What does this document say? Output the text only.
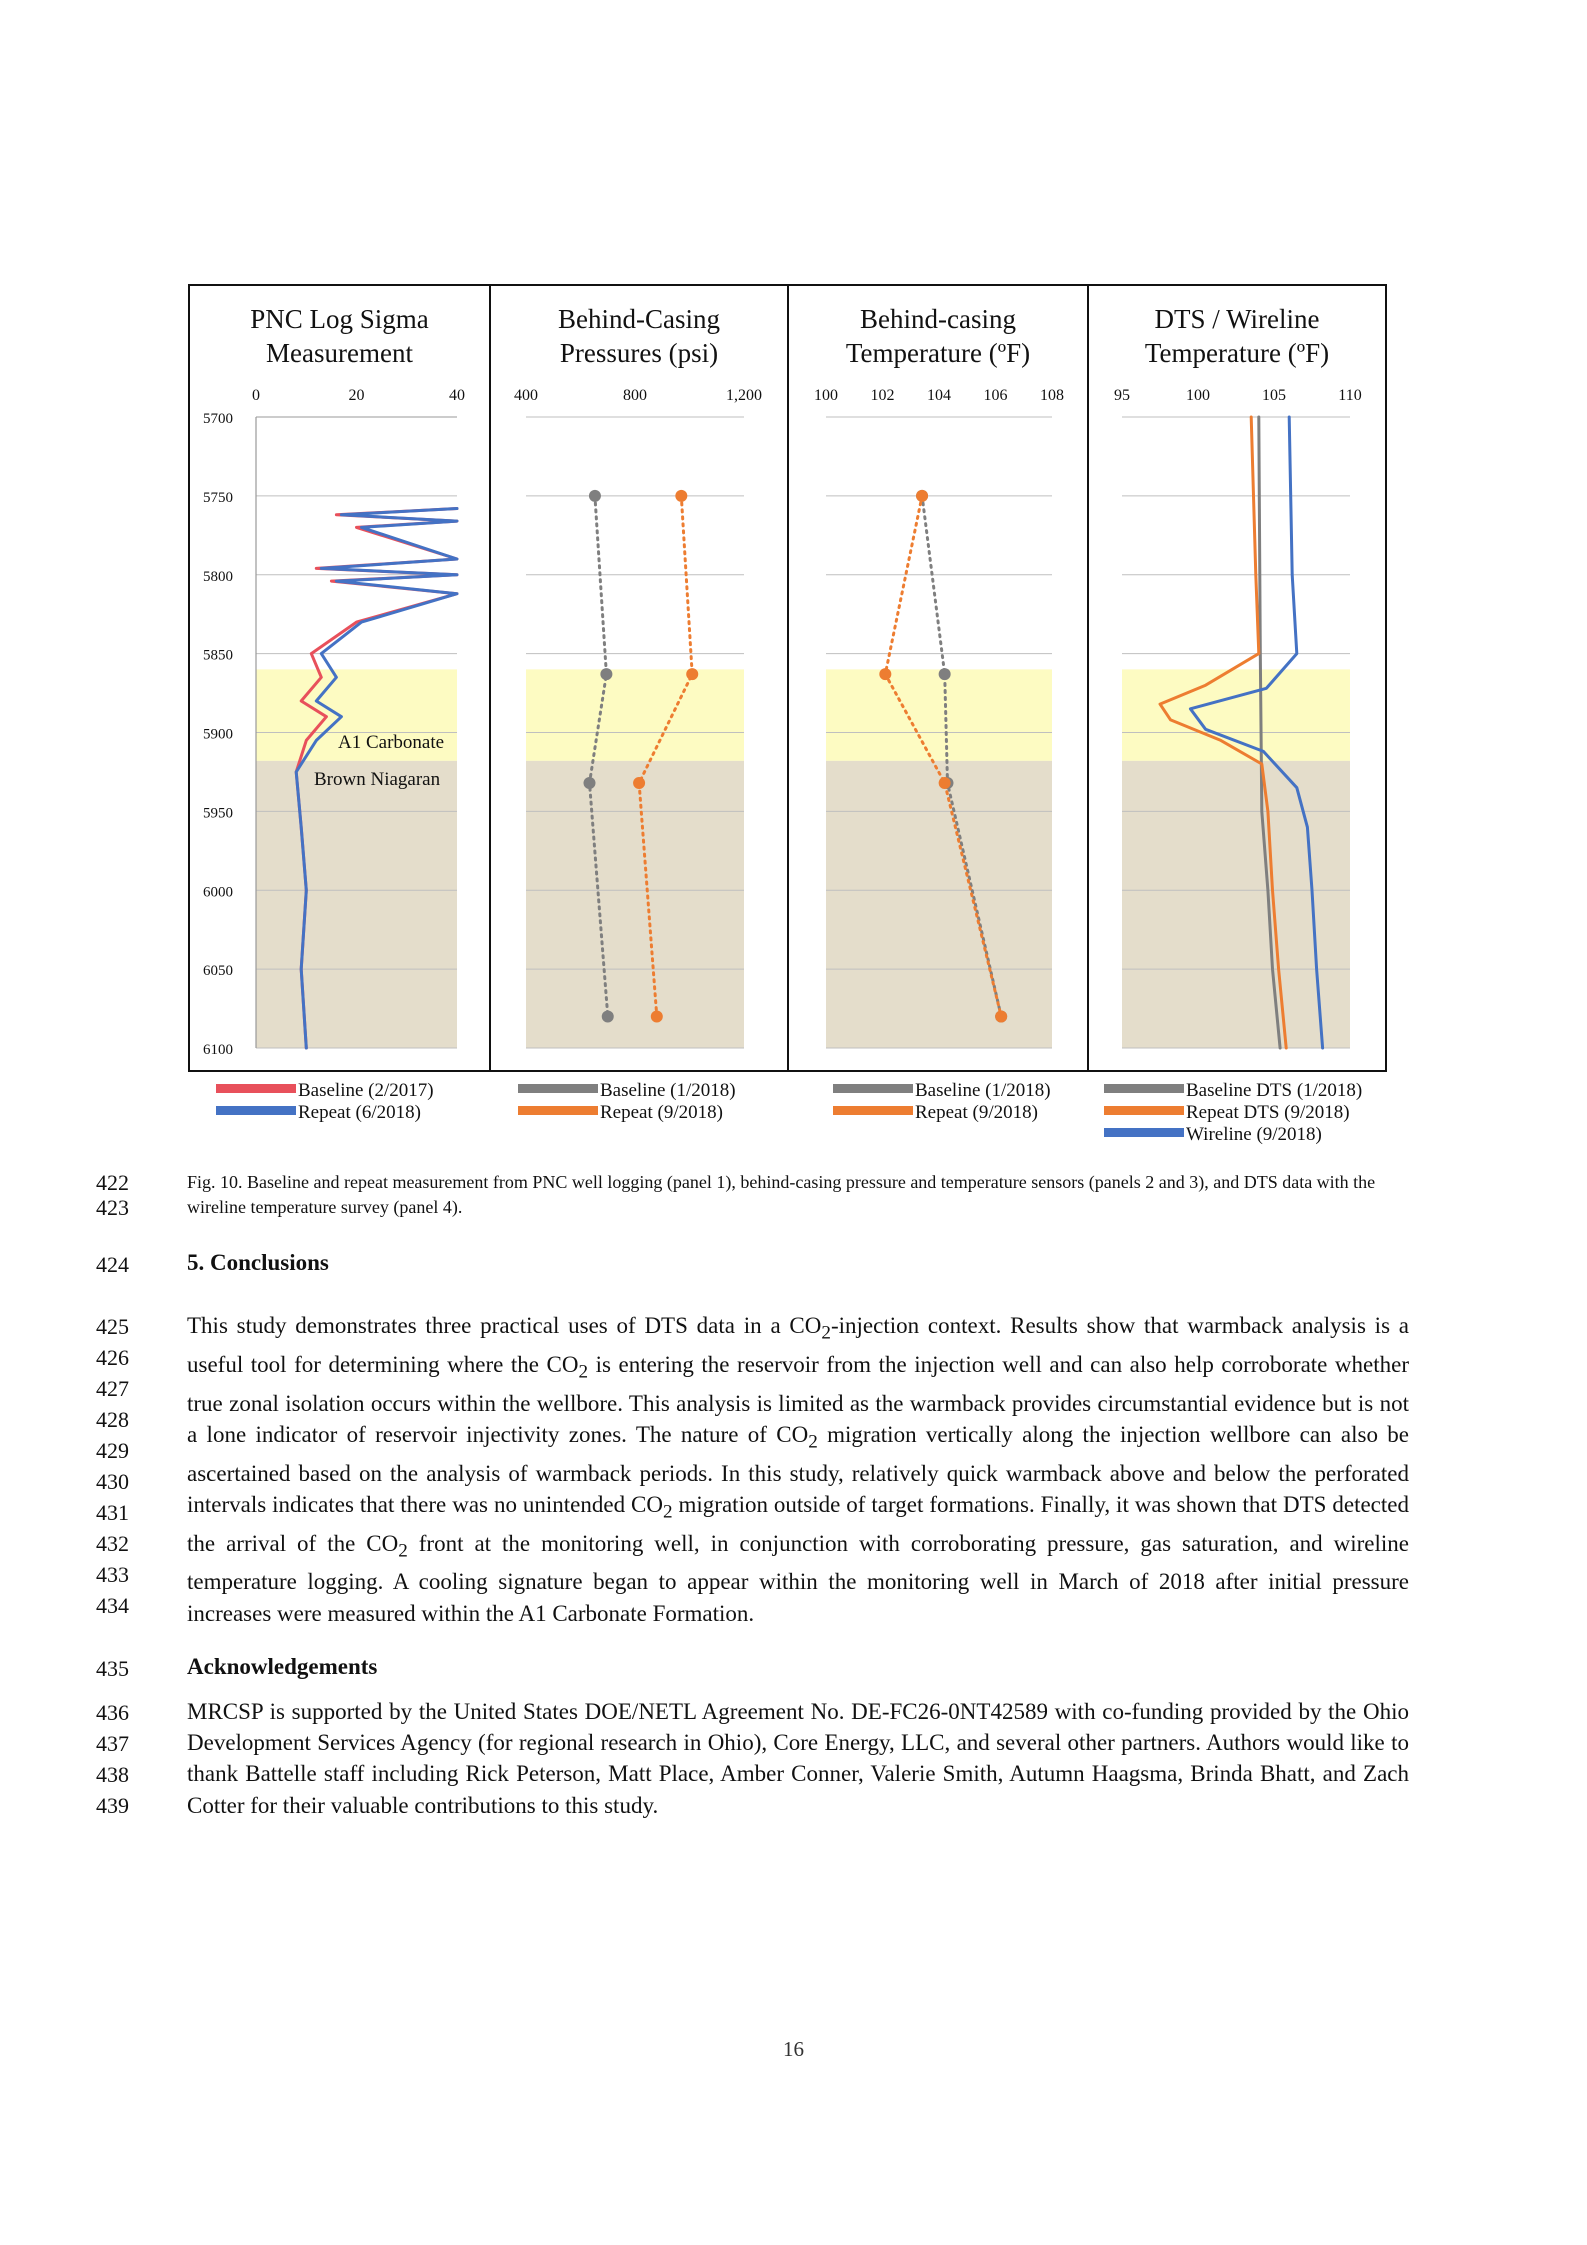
5700
5750
5800
5850
5900
5950
6000
6050
6100
PNC Log Sigma
Measurement
0	20	40
Behind-Casing
Pressures (psi)
400	800	1,200
Behind-casing
Temperature (ºF)
100 102 104 106 108
DTS / Wireline
Temperature (ºF)
95	100	105	110
A1 Carbonate
Brown Niagaran
Baseline (2/2017)
Repeat (6/2018)
Baseline (1/2018)
Repeat (9/2018)
Baseline (1/2018)
Repeat (9/2018)
Baseline DTS (1/2018)
Repeat DTS (9/2018)
Wireline (9/2018)
Fig. 10. Baseline and repeat measurement from PNC well logging (panel 1), behind-casing pressure and temperature sensors (panels 2 and 3), and DTS data with the wireline temperature survey (panel 4).
422
423
424	5. Conclusions
This study demonstrates three practical uses of DTS data in a $CO_2$-injection context. Results show that warmback analysis is a useful tool for determining where the $CO_2$ is entering the reservoir from the injection well and can also help corroborate whether true zonal isolation occurs within the wellbore. This analysis is limited as the warmback provides circumstantial evidence but is not a lone indicator of reservoir injectivity zones. The nature of $CO_2$ migration vertically along the injection wellbore can also be ascertained based on the analysis of warmback periods. In this study, relatively quick warmback above and below the perforated intervals indicates that there was no unintended $CO_2$ migration outside of target formations. Finally, it was shown that DTS detected the arrival of the $CO_2$ front at the monitoring well, in conjunction with corroborating pressure, gas saturation, and wireline temperature logging. A cooling signature began to appear within the monitoring well in March of 2018 after initial pressure increases were measured within the A1 Carbonate Formation.
425
426
427
428
429
430
431
432
433
434
435	Acknowledgements
MRCSP is supported by the United States DOE/NETL Agreement No. DE-FC26-0NT42589 with co-funding provided by the Ohio Development Services Agency (for regional research in Ohio), Core Energy, LLC, and several other partners. Authors would like to thank Battelle staff including Rick Peterson, Matt Place, Amber Conner, Valerie Smith, Autumn Haagsma, Brinda Bhatt, and Zach Cotter for their valuable contributions to this study.
436
437
438
439
16
